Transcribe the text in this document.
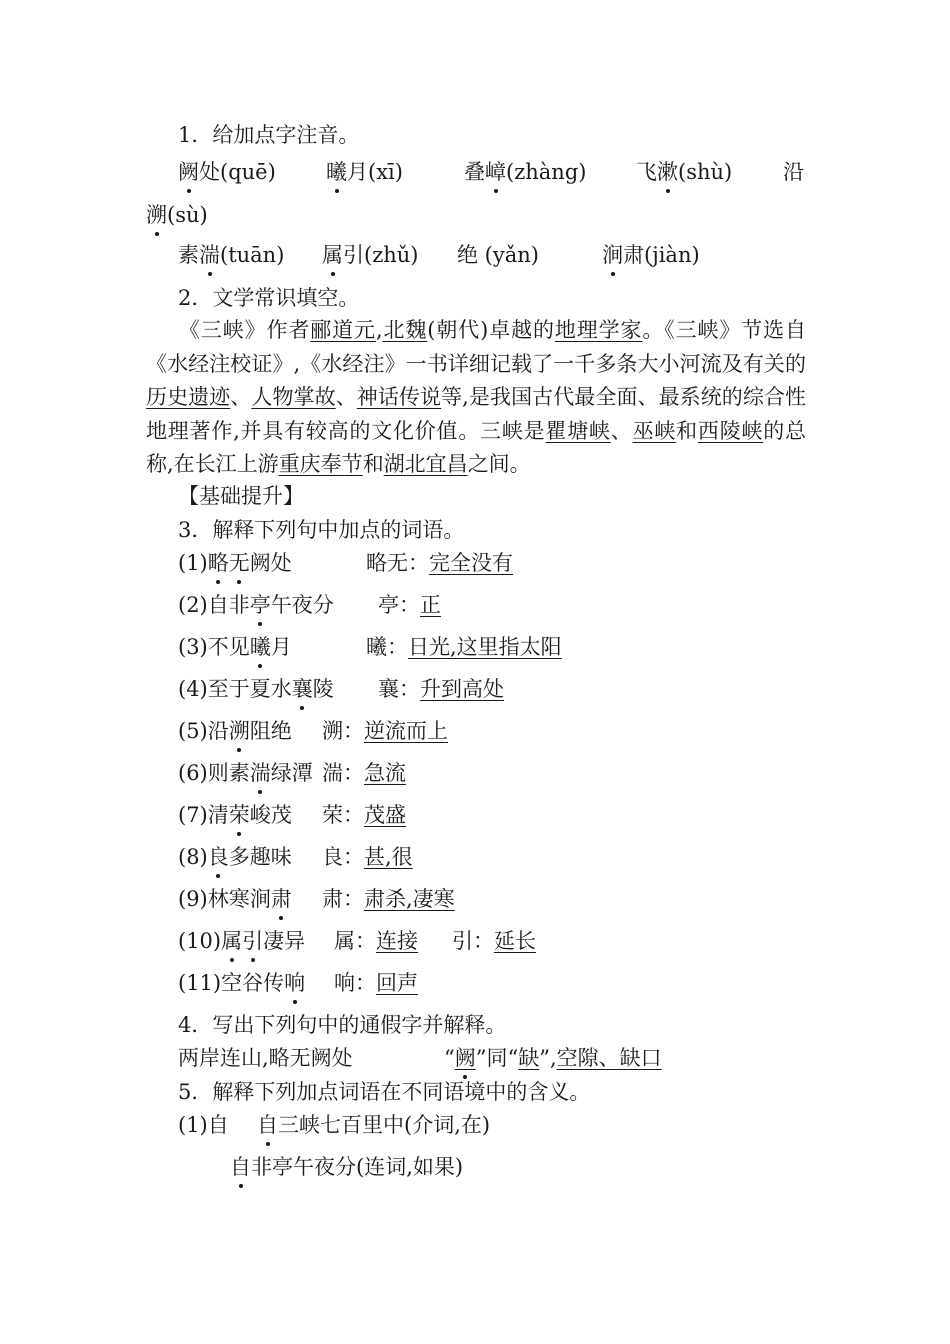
1．给加点字注音。
阙处(quē) 曦月(xī)	叠嶂(zhàng) 飞漱(shù) 沿
溯(sù)
素湍(tuān) 属引(zhǔ) 绝 (yǎn)	涧肃(jiàn)
2．文学常识填空。
《三峡》作者郦道元,北魏(朝代)卓越的地理学家。《三峡》节选自《水经注校证》,《水经注》一书详细记载了一千多条大小河流及有关的历史遗迹、人物掌故、神话传说等,是我国古代最全面、最系统的综合性地理著作,并具有较高的文化价值。三峡是瞿塘峡、巫峡和西陵峡的总称,在长江上游重庆奉节和湖北宜昌之间。
【基础提升】
3．解释下列句中加点的词语。
(1)略无阙处	略无：完全没有
(2)自非亭午夜分 亭：正
(3)不见曦月	曦：日光,这里指太阳
(4)至于夏水襄陵 襄：升到高处
(5)沿溯阻绝 溯：逆流而上
(6)则素湍绿潭 湍：急流
(7)清荣峻茂 荣：茂盛
(8)良多趣味 良：甚,很
(9)林寒涧肃 肃：肃杀,凄寒
(10)属引凄异 属：连接 引：延长
(11)空谷传响 响：回声
4．写出下列句中的通假字并解释。
两岸连山,略无阙处	“阙”同“缺”,空隙、缺口
5．解释下列加点词语在不同语境中的含义。
(1)自 自三峡七百里中(介词,在)
自非亭午夜分(连词,如果)
